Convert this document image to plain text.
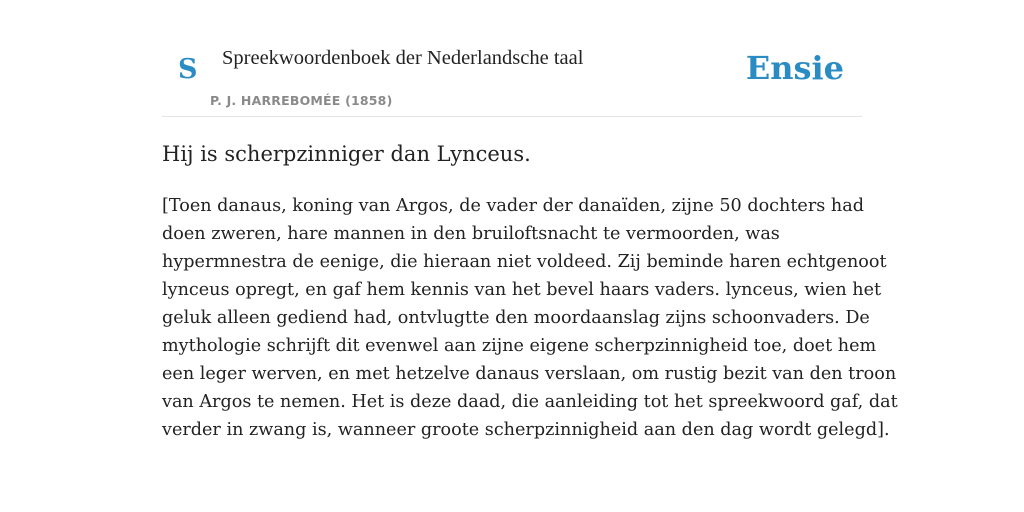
S Spreekwoordenboek der Nederlandsche taal
P. J. HARREBOMÉE (1858)
Ensie
Hij is scherpzinniger dan Lynceus.

[Toen danaus, koning van Argos, de vader der danaïden, zijne 50 dochters had
doen zweren, hare mannen in den bruiloftsnacht te vermoorden, was
hypermnestra de eenige, die hieraan niet voldeed. Zij beminde haren echtgenoot
lynceus opregt, en gaf hem kennis van het bevel haars vaders. lynceus, wien het
geluk alleen gediend had, ontvlugtte den moordaanslag zijns schoonvaders. De
mythologie schrijft dit evenwel aan zijne eigene scherpzinnigheid toe, doet hem
een leger werven, en met hetzelve danaus verslaan, om rustig bezit van den troon
van Argos te nemen. Het is deze daad, die aanleiding tot het spreekwoord gaf, dat
verder in zwang is, wanneer groote scherpzinnigheid aan den dag wordt gelegd].
